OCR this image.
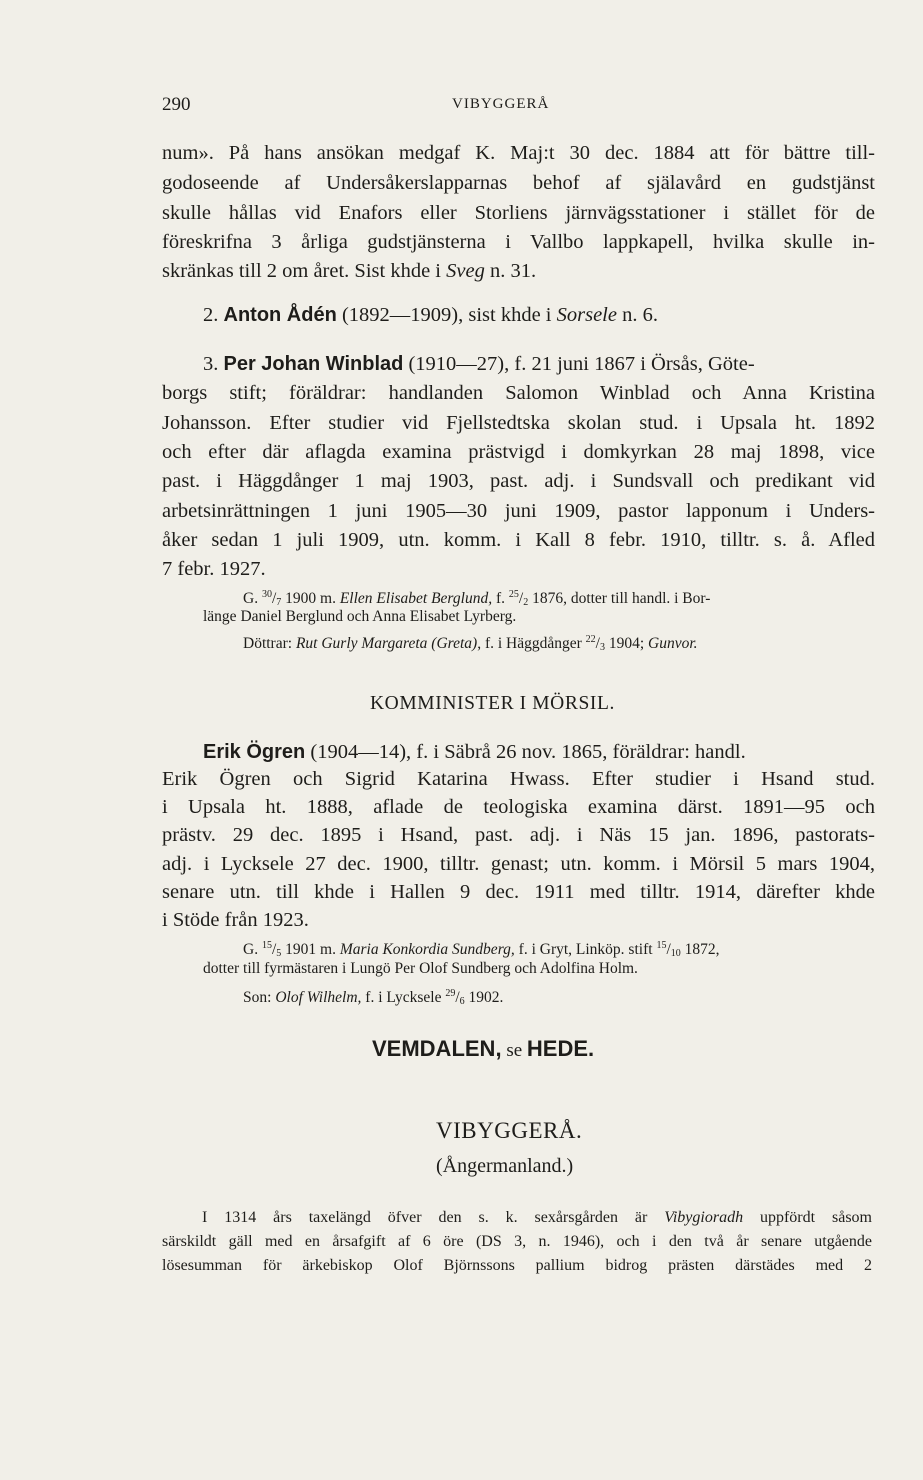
290	VIBYGGERÅ
num». På hans ansökan medgaf K. Maj:t 30 dec. 1884 att för bättre till-
godoseende af Undersåkerslapparnas behof af själavård en gudstjänst
skulle hållas vid Enafors eller Storliens järnvägsstationer i stället för de
föreskrifna 3 årliga gudstjänsterna i Vallbo lappkapell, hvilka skulle in-
skränkas till 2 om året. Sist khde i Sveg n. 31.
2. Anton Ådén (1892—1909), sist khde i Sorsele n. 6.
3. Per Johan Winblad (1910—27), f. 21 juni 1867 i Örsås, Göte-
borgs stift; föräldrar: handlanden Salomon Winblad och Anna Kristina
Johansson. Efter studier vid Fjellstedtska skolan stud. i Upsala ht. 1892
och efter där aflagda examina prästvigd i domkyrkan 28 maj 1898, vice
past. i Häggdånger 1 maj 1903, past. adj. i Sundsvall och predikant vid
arbetsinrättningen 1 juni 1905—30 juni 1909, pastor lapponum i Unders-
åker sedan 1 juli 1909, utn. komm. i Kall 8 febr. 1910, tilltr. s. å. Afled
7 febr. 1927.
G. $^{30}/_7$ 1900 m. Ellen Elisabet Berglund, f. $^{25}/_2$ 1876, dotter till handl. i Bor-
länge Daniel Berglund och Anna Elisabet Lyrberg.
Döttrar: Rut Gurly Margareta (Greta), f. i Häggdånger $^{22}/_3$ 1904; Gunvor.
KOMMINISTER I MÖRSIL.
Erik Ögren (1904—14), f. i Säbrå 26 nov. 1865, föräldrar: handl.
Erik Ögren och Sigrid Katarina Hwass. Efter studier i Hsand stud.
i Upsala ht. 1888, aflade de teologiska examina därst. 1891—95 och
prästv. 29 dec. 1895 i Hsand, past. adj. i Näs 15 jan. 1896, pastorats-
adj. i Lycksele 27 dec. 1900, tilltr. genast; utn. komm. i Mörsil 5 mars 1904,
senare utn. till khde i Hallen 9 dec. 1911 med tilltr. 1914, därefter khde
i Stöde från 1923.
G. $^{15}/_5$ 1901 m. Maria Konkordia Sundberg, f. i Gryt, Linköp. stift $^{15}/_{10}$ 1872,
dotter till fyrmästaren i Lungö Per Olof Sundberg och Adolfina Holm.
Son: Olof Wilhelm, f. i Lycksele $^{29}/_6$ 1902.
VEMDALEN, se HEDE.
VIBYGGERÅ.
(Ångermanland.)
I 1314 års taxelängd öfver den s. k. sexårsgården är Vibygioradh uppfördt såsom
särskildt gäll med en årsafgift af 6 öre (DS 3, n. 1946), och i den två år senare utgående
lösesumman för ärkebiskop Olof Björnssons pallium bidrog prästen därstädes med 2
